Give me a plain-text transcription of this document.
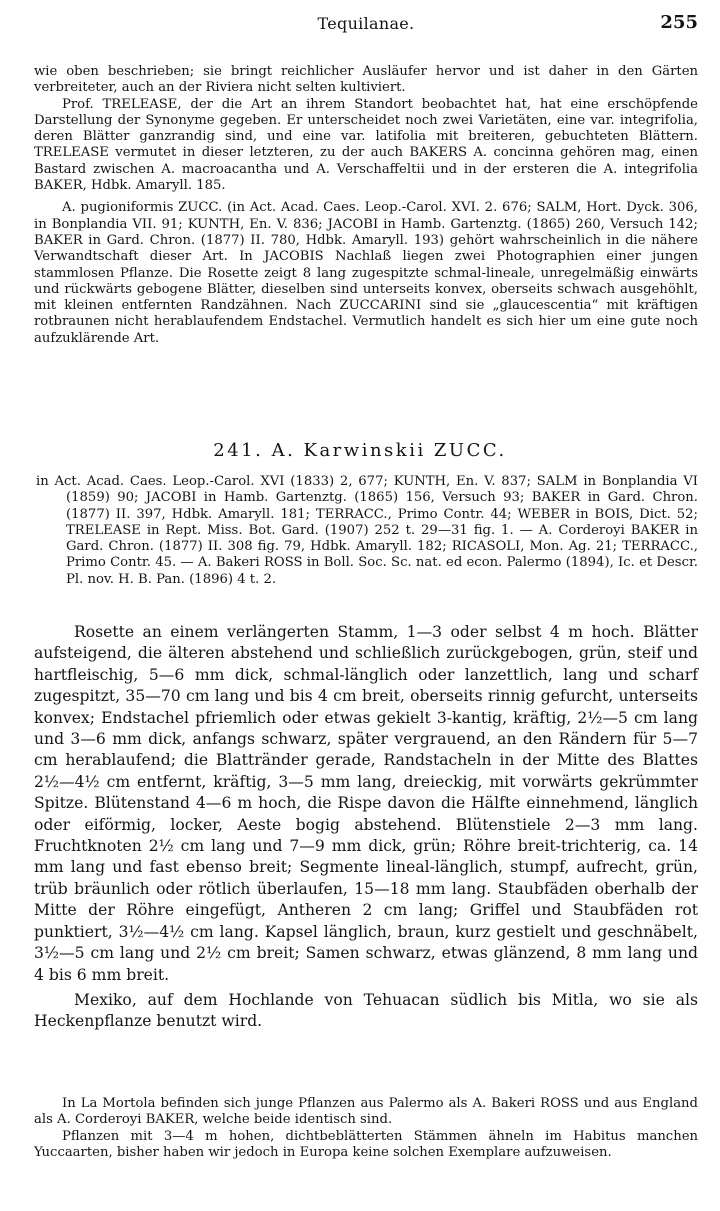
Tequilanae.	255

wie oben beschrieben; sie bringt reichlicher Ausläufer hervor und ist daher in den Gärten verbreiteter, auch an der Riviera nicht selten kultiviert.

Prof. TRELEASE, der die Art an ihrem Standort beobachtet hat, hat eine erschöpfende Darstellung der Synonyme gegeben. Er unterscheidet noch zwei Varietäten, eine var. integrifolia, deren Blätter ganzrandig sind, und eine var. latifolia mit breiteren, gebuchteten Blättern. TRELEASE vermutet in dieser letzteren, zu der auch BAKERS A. concinna gehören mag, einen Bastard zwischen A. macroacantha und A. Verschaffeltii und in der ersteren die A. integrifolia BAKER, Hdbk. Amaryll. 185.

A. pugioniformis ZUCC. (in Act. Acad. Caes. Leop.-Carol. XVI. 2. 676; SALM, Hort. Dyck. 306, in Bonplandia VII. 91; KUNTH, En. V. 836; JACOBI in Hamb. Gartenztg. (1865) 260, Versuch 142; BAKER in Gard. Chron. (1877) II. 780, Hdbk. Amaryll. 193) gehört wahrscheinlich in die nähere Verwandtschaft dieser Art. In JACOBIS Nachlaß liegen zwei Photographien einer jungen stammlosen Pflanze. Die Rosette zeigt 8 lang zugespitzte schmal-lineale, unregelmäßig einwärts und rückwärts gebogene Blätter, dieselben sind unterseits konvex, oberseits schwach ausgehöhlt, mit kleinen entfernten Randzähnen. Nach ZUCCARINI sind sie „glaucescentia“ mit kräftigen rotbraunen nicht herablaufendem Endstachel. Vermutlich handelt es sich hier um eine gute noch aufzuklärende Art.

241. A. Karwinskii ZUCC.

in Act. Acad. Caes. Leop.-Carol. XVI (1833) 2, 677; KUNTH, En. V. 837; SALM in Bonplandia VI (1859) 90; JACOBI in Hamb. Gartenztg. (1865) 156, Versuch 93; BAKER in Gard. Chron. (1877) II. 397, Hdbk. Amaryll. 181; TERRACC., Primo Contr. 44; WEBER in BOIS, Dict. 52; TRELEASE in Rept. Miss. Bot. Gard. (1907) 252 t. 29—31 fig. 1. — A. Corderoyi BAKER in Gard. Chron. (1877) II. 308 fig. 79, Hdbk. Amaryll. 182; RICASOLI, Mon. Ag. 21; TERRACC., Primo Contr. 45. — A. Bakeri ROSS in Boll. Soc. Sc. nat. ed econ. Palermo (1894), Ic. et Descr. Pl. nov. H. B. Pan. (1896) 4 t. 2.

Rosette an einem verlängerten Stamm, 1—3 oder selbst 4 m hoch. Blätter aufsteigend, die älteren abstehend und schließlich zurückgebogen, grün, steif und hartfleischig, 5—6 mm dick, schmal-länglich oder lanzettlich, lang und scharf zugespitzt, 35—70 cm lang und bis 4 cm breit, oberseits rinnig gefurcht, unterseits konvex; Endstachel pfriemlich oder etwas gekielt 3-kantig, kräftig, 2½—5 cm lang und 3—6 mm dick, anfangs schwarz, später vergrauend, an den Rändern für 5—7 cm herablaufend; die Blattränder gerade, Randstacheln in der Mitte des Blattes 2½—4½ cm entfernt, kräftig, 3—5 mm lang, dreieckig, mit vorwärts gekrümmter Spitze. Blütenstand 4—6 m hoch, die Rispe davon die Hälfte einnehmend, länglich oder eiförmig, locker, Aeste bogig abstehend. Blütenstiele 2—3 mm lang. Fruchtknoten 2½ cm lang und 7—9 mm dick, grün; Röhre breit-trichterig, ca. 14 mm lang und fast ebenso breit; Segmente lineal-länglich, stumpf, aufrecht, grün, trüb bräunlich oder rötlich überlaufen, 15—18 mm lang. Staubfäden oberhalb der Mitte der Röhre eingefügt, Antheren 2 cm lang; Griffel und Staubfäden rot punktiert, 3½—4½ cm lang. Kapsel länglich, braun, kurz gestielt und geschnäbelt, 3½—5 cm lang und 2½ cm breit; Samen schwarz, etwas glänzend, 8 mm lang und 4 bis 6 mm breit.

Mexiko, auf dem Hochlande von Tehuacan südlich bis Mitla, wo sie als Heckenpflanze benutzt wird.

In La Mortola befinden sich junge Pflanzen aus Palermo als A. Bakeri ROSS und aus England als A. Corderoyi BAKER, welche beide identisch sind.

Pflanzen mit 3—4 m hohen, dichtbeblätterten Stämmen ähneln im Habitus manchen Yuccaarten, bisher haben wir jedoch in Europa keine solchen Exemplare aufzuweisen.
